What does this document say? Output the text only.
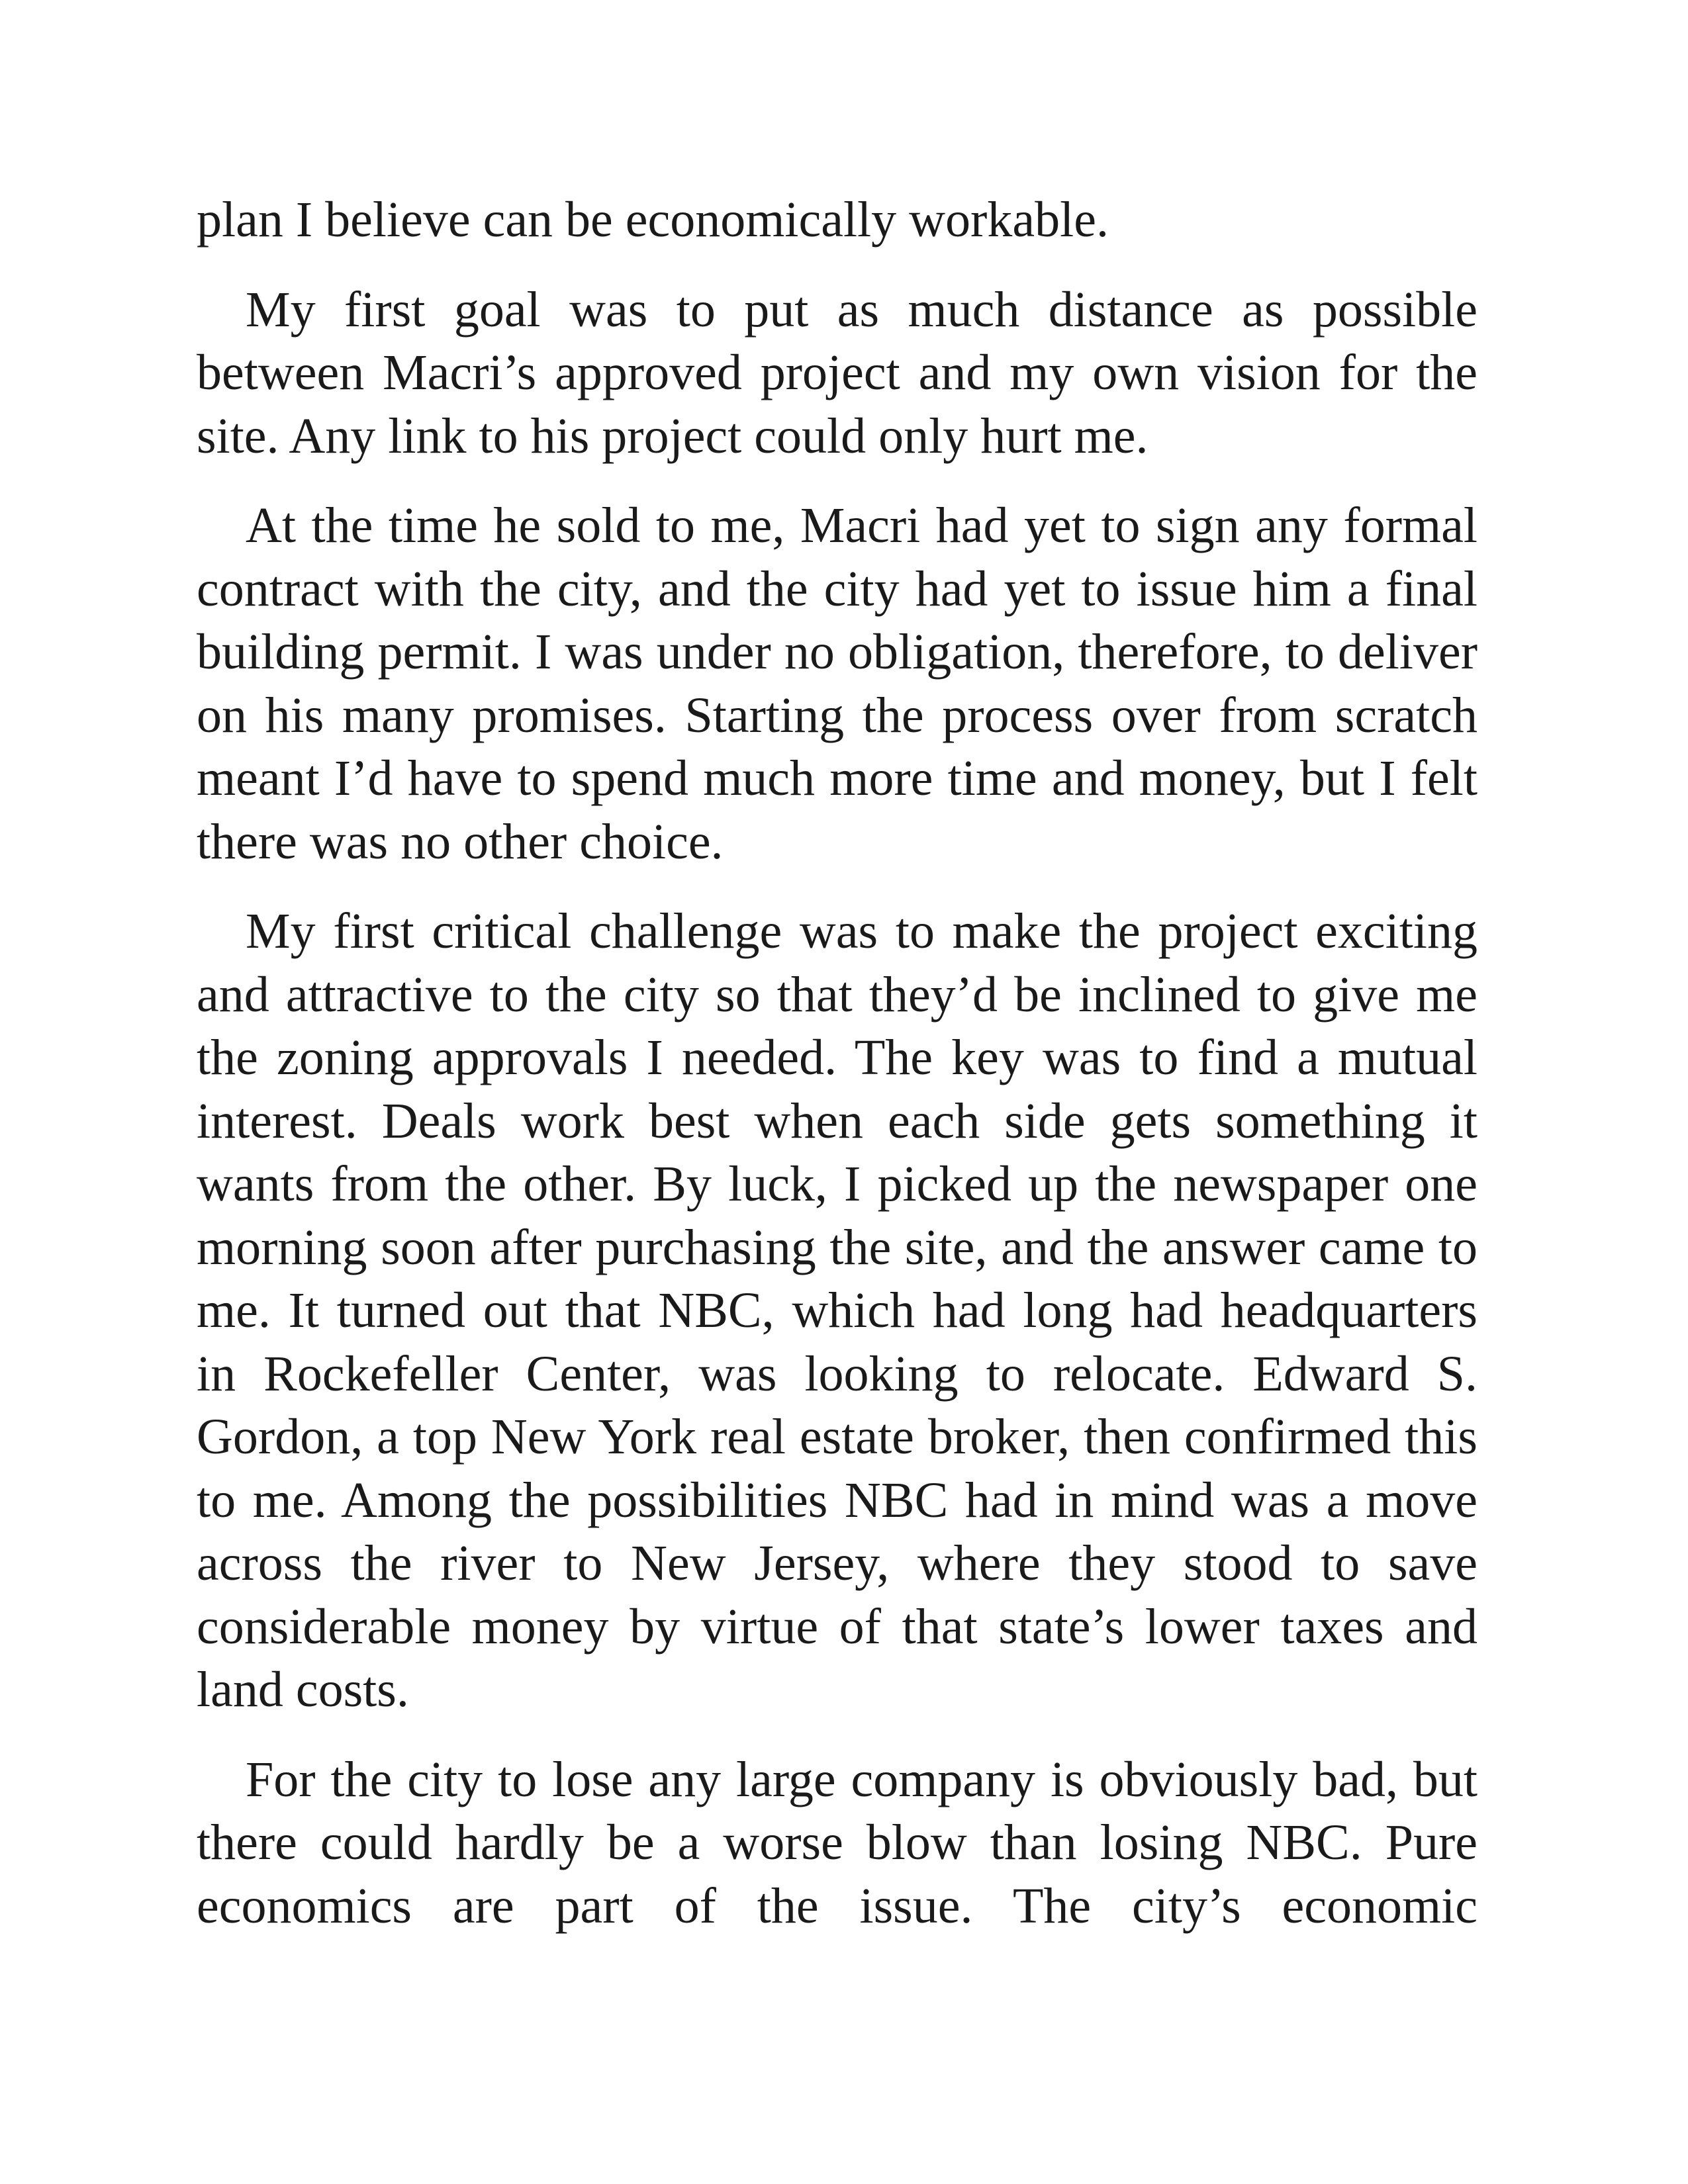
plan I believe can be economically workable.

My first goal was to put as much distance as possible between Macri’s approved project and my own vision for the site. Any link to his project could only hurt me.

At the time he sold to me, Macri had yet to sign any formal contract with the city, and the city had yet to issue him a final building permit. I was under no obligation, therefore, to deliver on his many promises. Starting the process over from scratch meant I’d have to spend much more time and money, but I felt there was no other choice.

My first critical challenge was to make the project exciting and attractive to the city so that they’d be inclined to give me the zoning approvals I needed. The key was to find a mutual interest. Deals work best when each side gets something it wants from the other. By luck, I picked up the newspaper one morning soon after purchasing the site, and the answer came to me. It turned out that NBC, which had long had headquarters in Rockefeller Center, was looking to relocate. Edward S. Gordon, a top New York real estate broker, then confirmed this to me. Among the possibilities NBC had in mind was a move across the river to New Jersey, where they stood to save considerable money by virtue of that state’s lower taxes and land costs.

For the city to lose any large company is obviously bad, but there could hardly be a worse blow than losing NBC. Pure economics are part of the issue. The city’s economic
